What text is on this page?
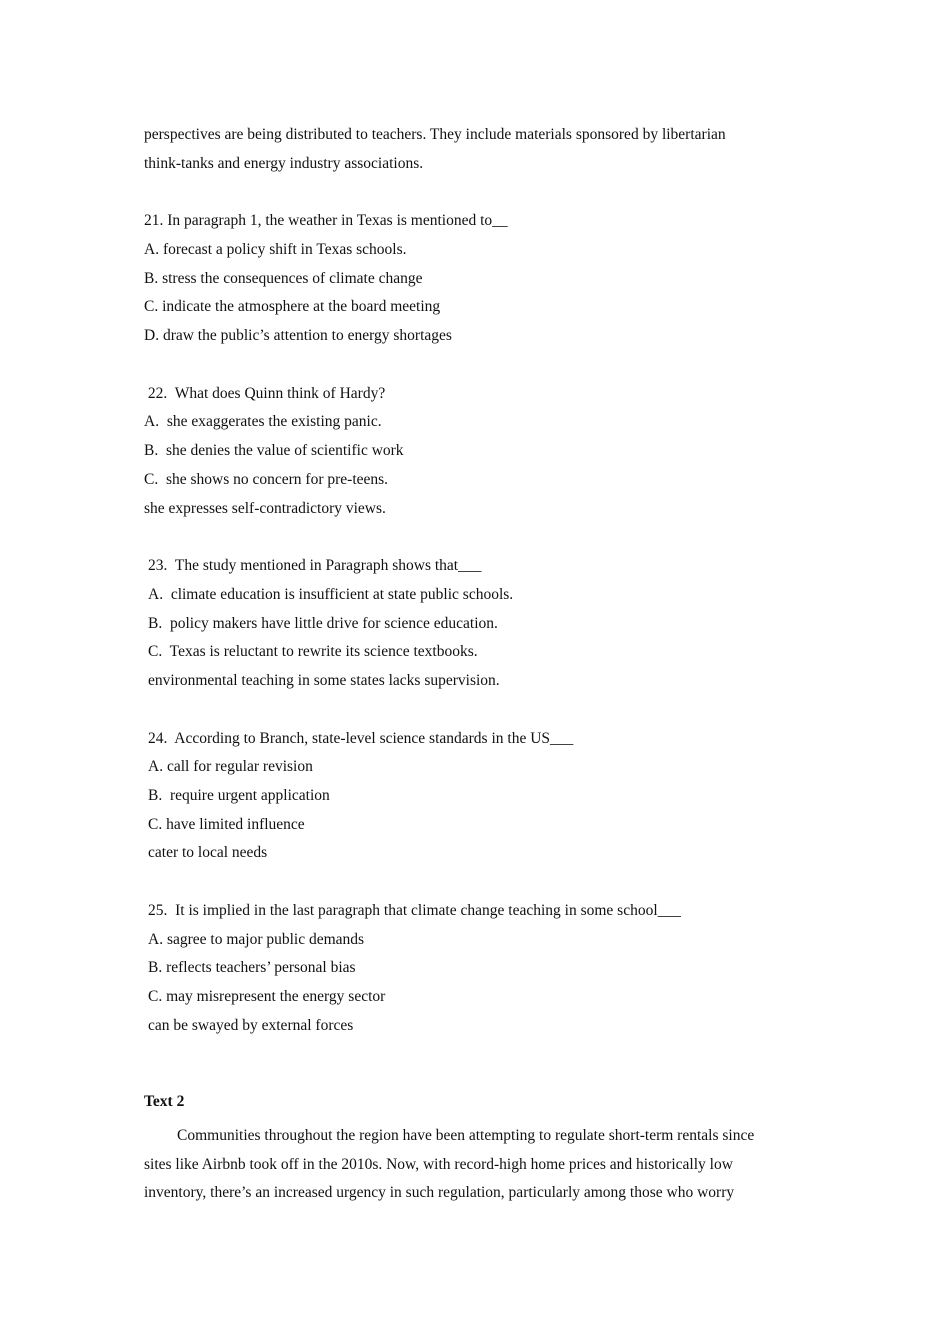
perspectives are being distributed to teachers. They include materials sponsored by libertarian
think-tanks and energy industry associations.
21. In paragraph 1, the weather in Texas is mentioned to__
A. forecast a policy shift in Texas schools.
B. stress the consequences of climate change
C. indicate the atmosphere at the board meeting
D. draw the public’s attention to energy shortages
22.  What does Quinn think of Hardy?
A.  she exaggerates the existing panic.
B.  she denies the value of scientific work
C.  she shows no concern for pre-teens.
she expresses self-contradictory views.
23.  The study mentioned in Paragraph shows that___
A.  climate education is insufficient at state public schools.
B.  policy makers have little drive for science education.
C.  Texas is reluctant to rewrite its science textbooks.
environmental teaching in some states lacks supervision.
24.  According to Branch, state-level science standards in the US___
A. call for regular revision
B.  require urgent application
C. have limited influence
cater to local needs
25.  It is implied in the last paragraph that climate change teaching in some school___
A. sagree to major public demands
B. reflects teachers’ personal bias
C. may misrepresent the energy sector
can be swayed by external forces
Text 2
Communities throughout the region have been attempting to regulate short-term rentals since
sites like Airbnb took off in the 2010s. Now, with record-high home prices and historically low
inventory, there’s an increased urgency in such regulation, particularly among those who worry
